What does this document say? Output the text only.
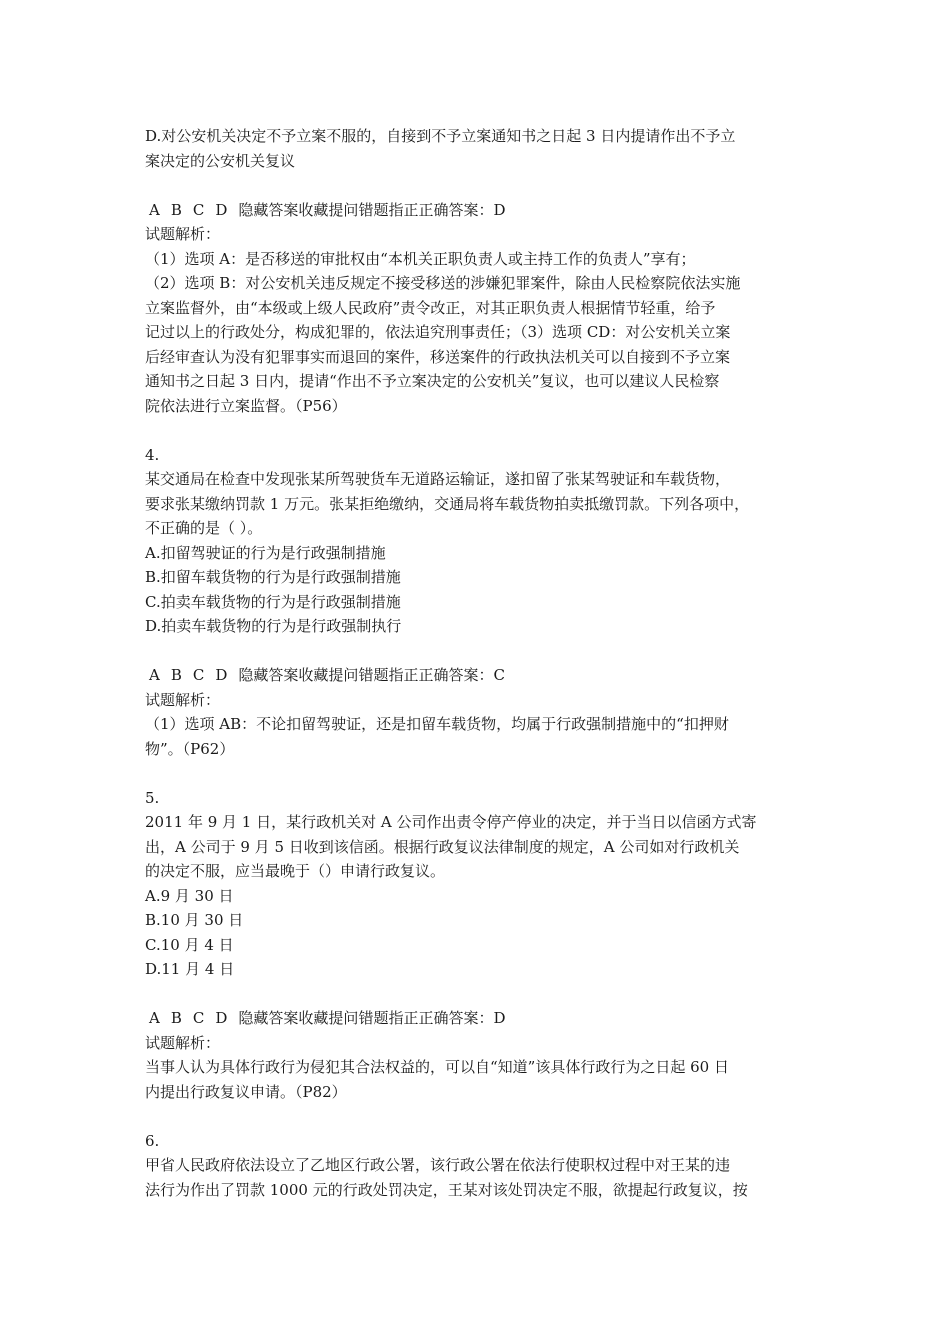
D.对公安机关决定不予立案不服的，自接到不予立案通知书之日起 3 日内提请作出不予立
案决定的公安机关复议
A B C D 隐藏答案收藏提问错题指正正确答案：D
试题解析：
（1）选项 A：是否移送的审批权由“本机关正职负责人或主持工作的负责人”享有；
（2）选项 B：对公安机关违反规定不接受移送的涉嫌犯罪案件，除由人民检察院依法实施
立案监督外，由“本级或上级人民政府”责令改正，对其正职负责人根据情节轻重，给予
记过以上的行政处分，构成犯罪的，依法追究刑事责任；（3）选项 CD：对公安机关立案
后经审查认为没有犯罪事实而退回的案件，移送案件的行政执法机关可以自接到不予立案
通知书之日起 3 日内，提请“作出不予立案决定的公安机关”复议，也可以建议人民检察
院依法进行立案监督。（P56）
4.
某交通局在检查中发现张某所驾驶货车无道路运输证，遂扣留了张某驾驶证和车载货物，
要求张某缴纳罚款 1 万元。张某拒绝缴纳，交通局将车载货物拍卖抵缴罚款。下列各项中，
不正确的是（ ）。
A.扣留驾驶证的行为是行政强制措施
B.扣留车载货物的行为是行政强制措施
C.拍卖车载货物的行为是行政强制措施
D.拍卖车载货物的行为是行政强制执行
A B C D 隐藏答案收藏提问错题指正正确答案：C
试题解析：
（1）选项 AB：不论扣留驾驶证，还是扣留车载货物，均属于行政强制措施中的“扣押财
物”。（P62）
5.
2011 年 9 月 1 日，某行政机关对 A 公司作出责令停产停业的决定，并于当日以信函方式寄
出，A 公司于 9 月 5 日收到该信函。根据行政复议法律制度的规定，A 公司如对行政机关
的决定不服，应当最晚于（）申请行政复议。
A.9 月 30 日
B.10 月 30 日
C.10 月 4 日
D.11 月 4 日
A B C D 隐藏答案收藏提问错题指正正确答案：D
试题解析：
当事人认为具体行政行为侵犯其合法权益的，可以自“知道”该具体行政行为之日起 60 日
内提出行政复议申请。（P82）
6.
甲省人民政府依法设立了乙地区行政公署，该行政公署在依法行使职权过程中对王某的违
法行为作出了罚款 1000 元的行政处罚决定，王某对该处罚决定不服，欲提起行政复议，按
